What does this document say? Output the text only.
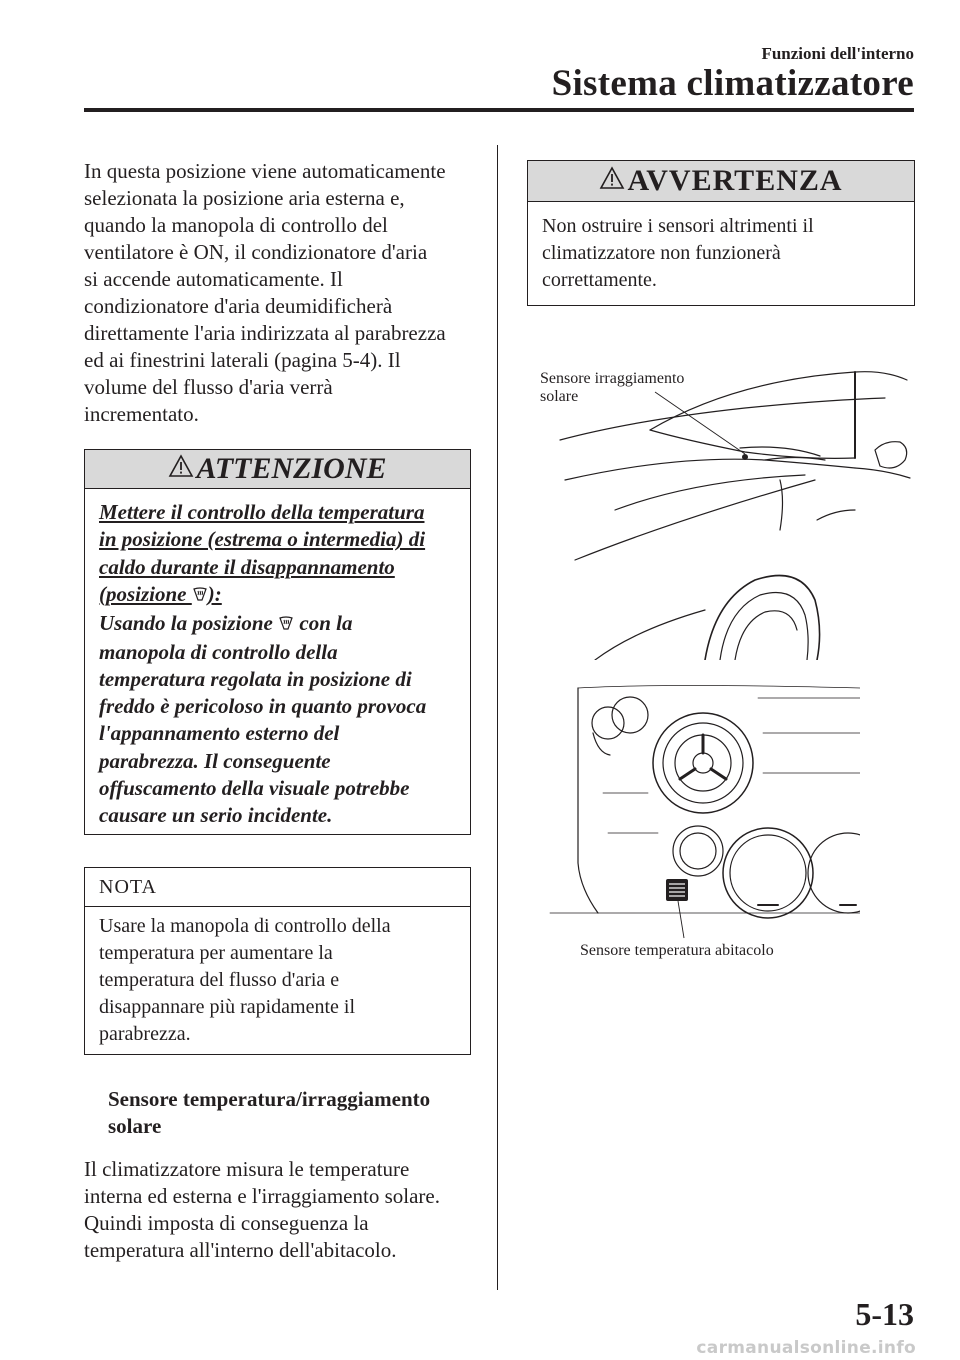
Funzioni dell'interno
Sistema climatizzatore

In questa posizione viene automaticamente
selezionata la posizione aria esterna e,
quando la manopola di controllo del
ventilatore è ON, il condizionatore d'aria
si accende automaticamente. Il
condizionatore d'aria deumidificherà
direttamente l'aria indirizzata al parabrezza
ed ai finestrini laterali (pagina 5-4). Il
volume del flusso d'aria verrà
incrementato.

ATTENZIONE
Mettere il controllo della temperatura
in posizione (estrema o intermedia) di
caldo durante il disappannamento
(posizione ):
Usando la posizione  con la
manopola di controllo della
temperatura regolata in posizione di
freddo è pericoloso in quanto provoca
l'appannamento esterno del
parabrezza. Il conseguente
offuscamento della visuale potrebbe
causare un serio incidente.
NOTA
Usare la manopola di controllo della
temperatura per aumentare la
temperatura del flusso d'aria e
disappannare più rapidamente il
parabrezza.
Sensore temperatura/irraggiamento
solare

Il climatizzatore misura le temperature
interna ed esterna e l'irraggiamento solare.
Quindi imposta di conseguenza la
temperatura all'interno dell'abitacolo.

AVVERTENZA
Non ostruire i sensori altrimenti il
climatizzatore non funzionerà
correttamente.
Sensore irraggiamento
solare
Sensore temperatura abitacolo
5-13
carmanualsonline.info
